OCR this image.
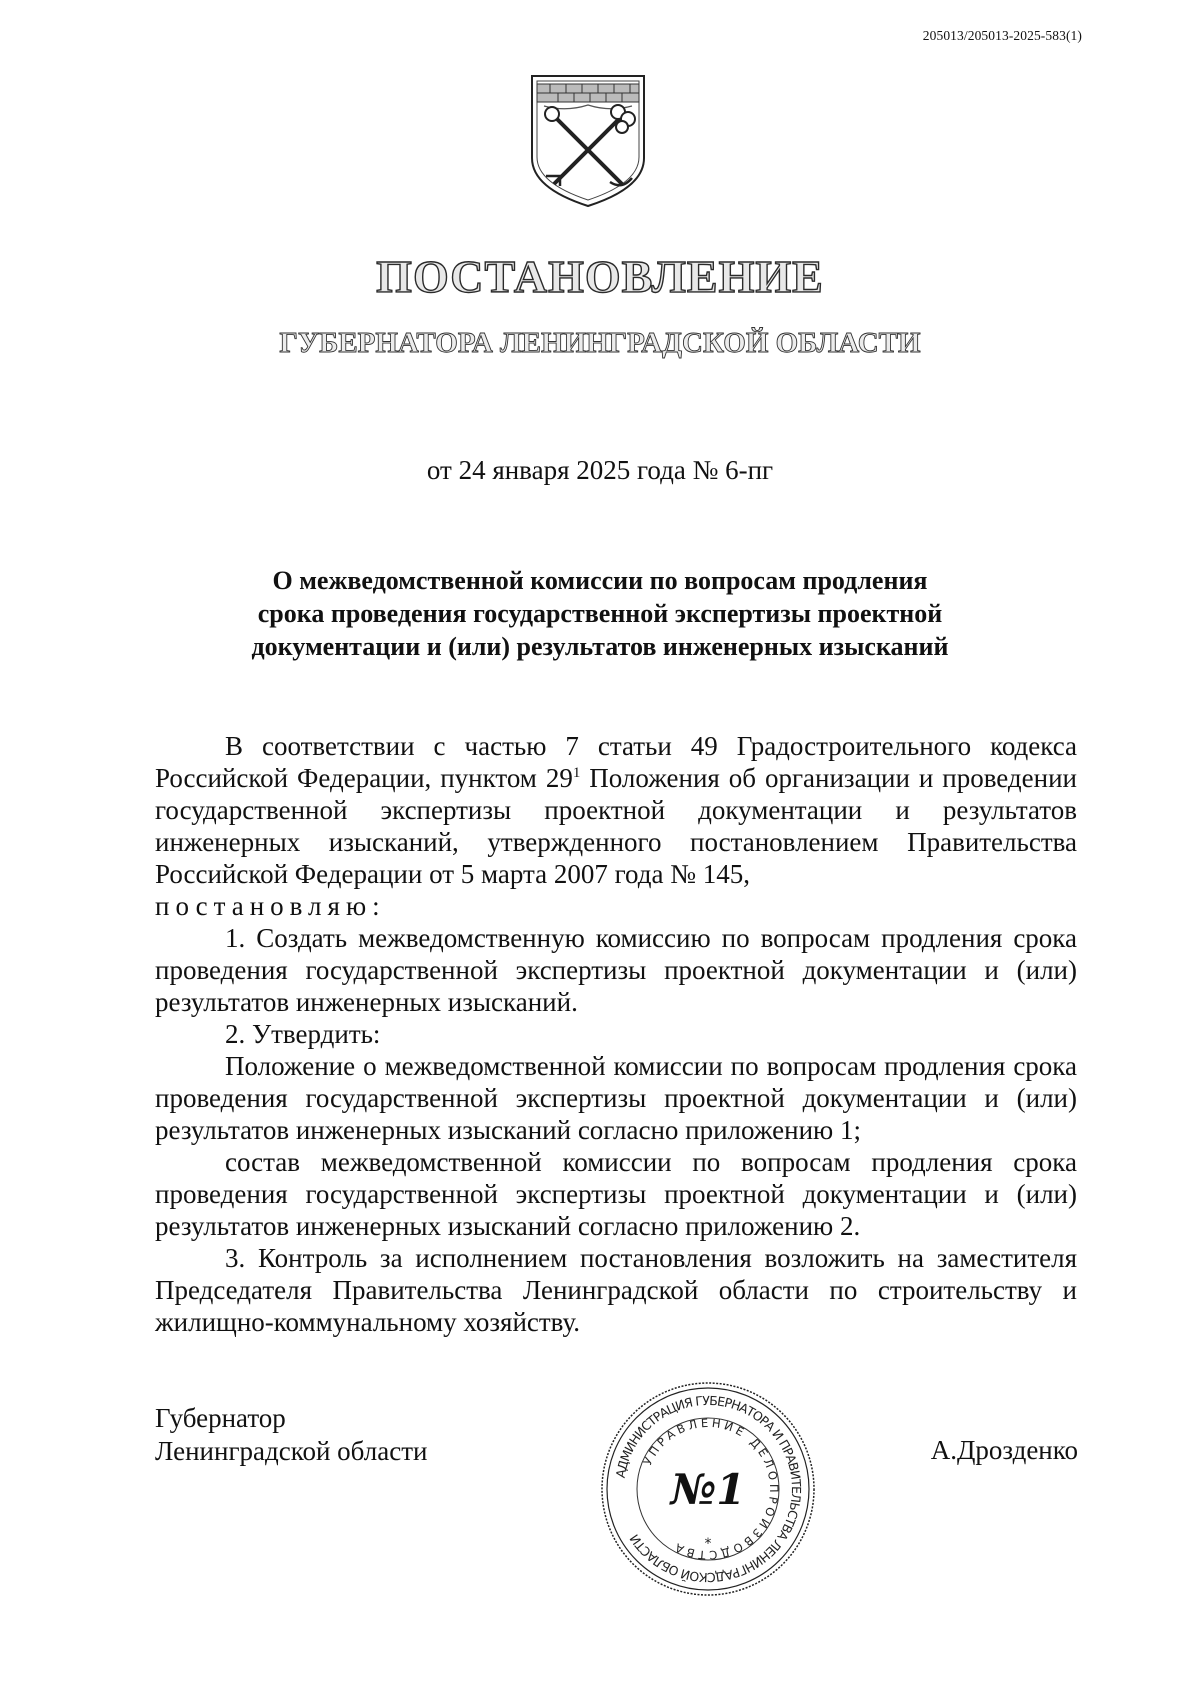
205013/205013-2025-583(1)
ПОСТАНОВЛЕНИЕ
ГУБЕРНАТОРА ЛЕНИНГРАДСКОЙ ОБЛАСТИ
от 24 января 2025 года № 6-пг
О межведомственной комиссии по вопросам продления
срока проведения государственной экспертизы проектной
документации и (или) результатов инженерных изысканий

В соответствии с частью 7 статьи 49 Градостроительного кодекса Российской Федерации, пунктом $29^1$ Положения об организации и проведении государственной экспертизы проектной документации и результатов инженерных изысканий, утвержденного постановлением Правительства Российской Федерации от 5 марта 2007 года № 145,

постановляю:

1. Создать межведомственную комиссию по вопросам продления срока проведения государственной экспертизы проектной документации и (или) результатов инженерных изысканий.

2. Утвердить:

Положение о межведомственной комиссии по вопросам продления срока проведения государственной экспертизы проектной документации и (или) результатов инженерных изысканий согласно приложению 1;

состав межведомственной комиссии по вопросам продления срока проведения государственной экспертизы проектной документации и (или) результатов инженерных изысканий согласно приложению 2.

3. Контроль за исполнением постановления возложить на заместителя Председателя Правительства Ленинградской области по строительству и жилищно-коммунальному хозяйству.

Губернатор
Ленинградской области	А.Дрозденко
АДМИНИСТРАЦИЯ ГУБЕРНАТОРА И ПРАВИТЕЛЬСТВА ЛЕНИНГРАДСКОЙ ОБЛАСТИ
УПРАВЛЕНИЕ ДЕЛОПРОИЗВОДСТВА
№1
*
